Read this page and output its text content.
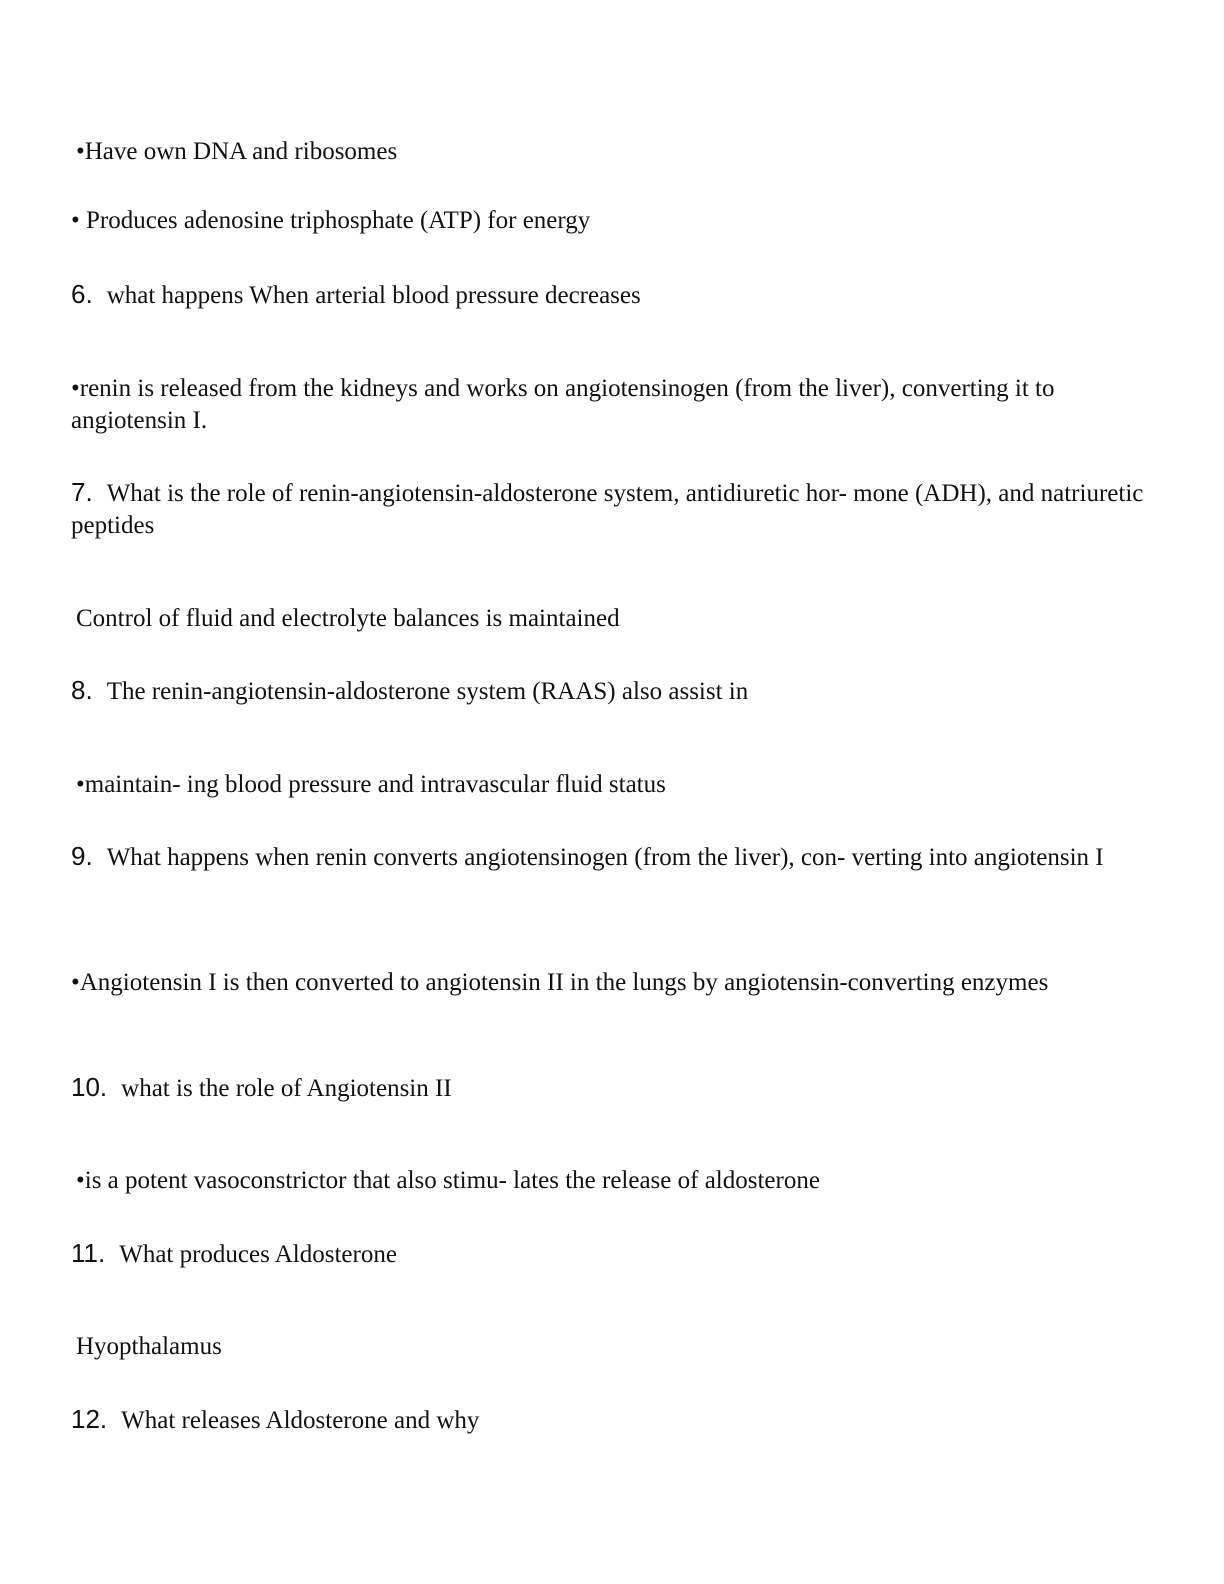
•Have own DNA and ribosomes
• Produces adenosine triphosphate (ATP) for energy
6. what happens When arterial blood pressure decreases
•renin is released from the kidneys and works on angiotensinogen (from the liver), converting it to angiotensin I.
7. What is the role of renin-angiotensin-aldosterone system, antidiuretic hor- mone (ADH), and natriuretic peptides
Control of fluid and electrolyte balances is maintained
8. The renin-angiotensin-aldosterone system (RAAS) also assist in
•maintain- ing blood pressure and intravascular fluid status
9. What happens when renin converts angiotensinogen (from the liver), con- verting into angiotensin I
•Angiotensin I is then converted to angiotensin II in the lungs by angiotensin-converting enzymes
10. what is the role of Angiotensin II
•is a potent vasoconstrictor that also stimu- lates the release of aldosterone
11. What produces Aldosterone
Hyopthalamus
12. What releases Aldosterone and why
